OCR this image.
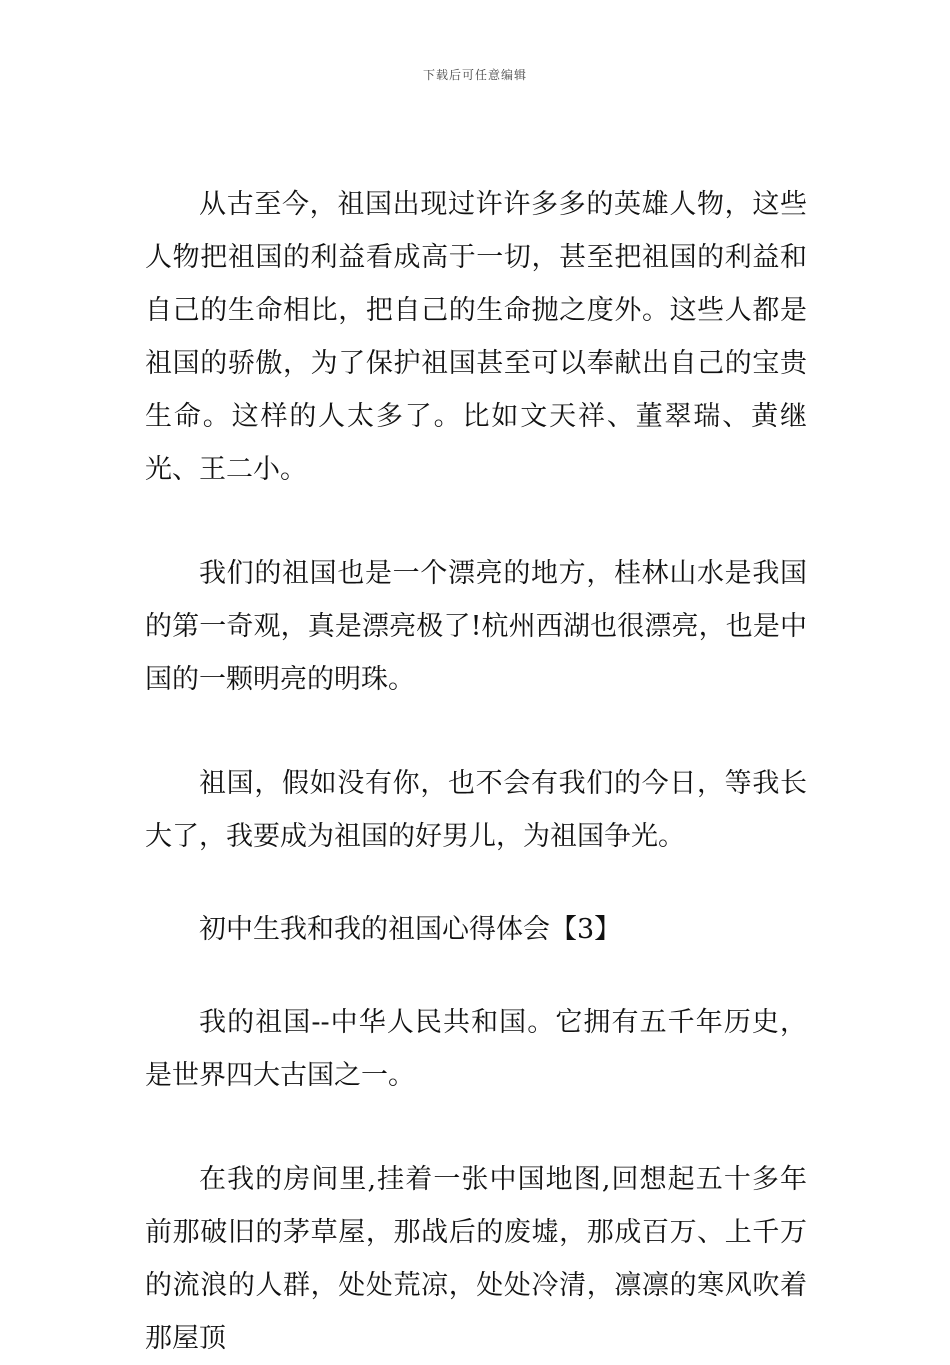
下载后可任意编辑

从古至今，祖国出现过许许多多的英雄人物，这些人物把祖国的利益看成高于一切，甚至把祖国的利益和自己的生命相比，把自己的生命抛之度外。这些人都是祖国的骄傲，为了保护祖国甚至可以奉献出自己的宝贵生命。这样的人太多了。比如文天祥、董翠瑞、黄继光、王二小。

我们的祖国也是一个漂亮的地方，桂林山水是我国的第一奇观，真是漂亮极了!杭州西湖也很漂亮，也是中国的一颗明亮的明珠。

祖国，假如没有你，也不会有我们的今日，等我长大了，我要成为祖国的好男儿，为祖国争光。

初中生我和我的祖国心得体会【3】

我的祖国--中华人民共和国。它拥有五千年历史，是世界四大古国之一。

在我的房间里,挂着一张中国地图,回想起五十多年前那破旧的茅草屋，那战后的废墟，那成百万、上千万的流浪的人群，处处荒凉，处处冷清，凛凛的寒风吹着那屋顶
